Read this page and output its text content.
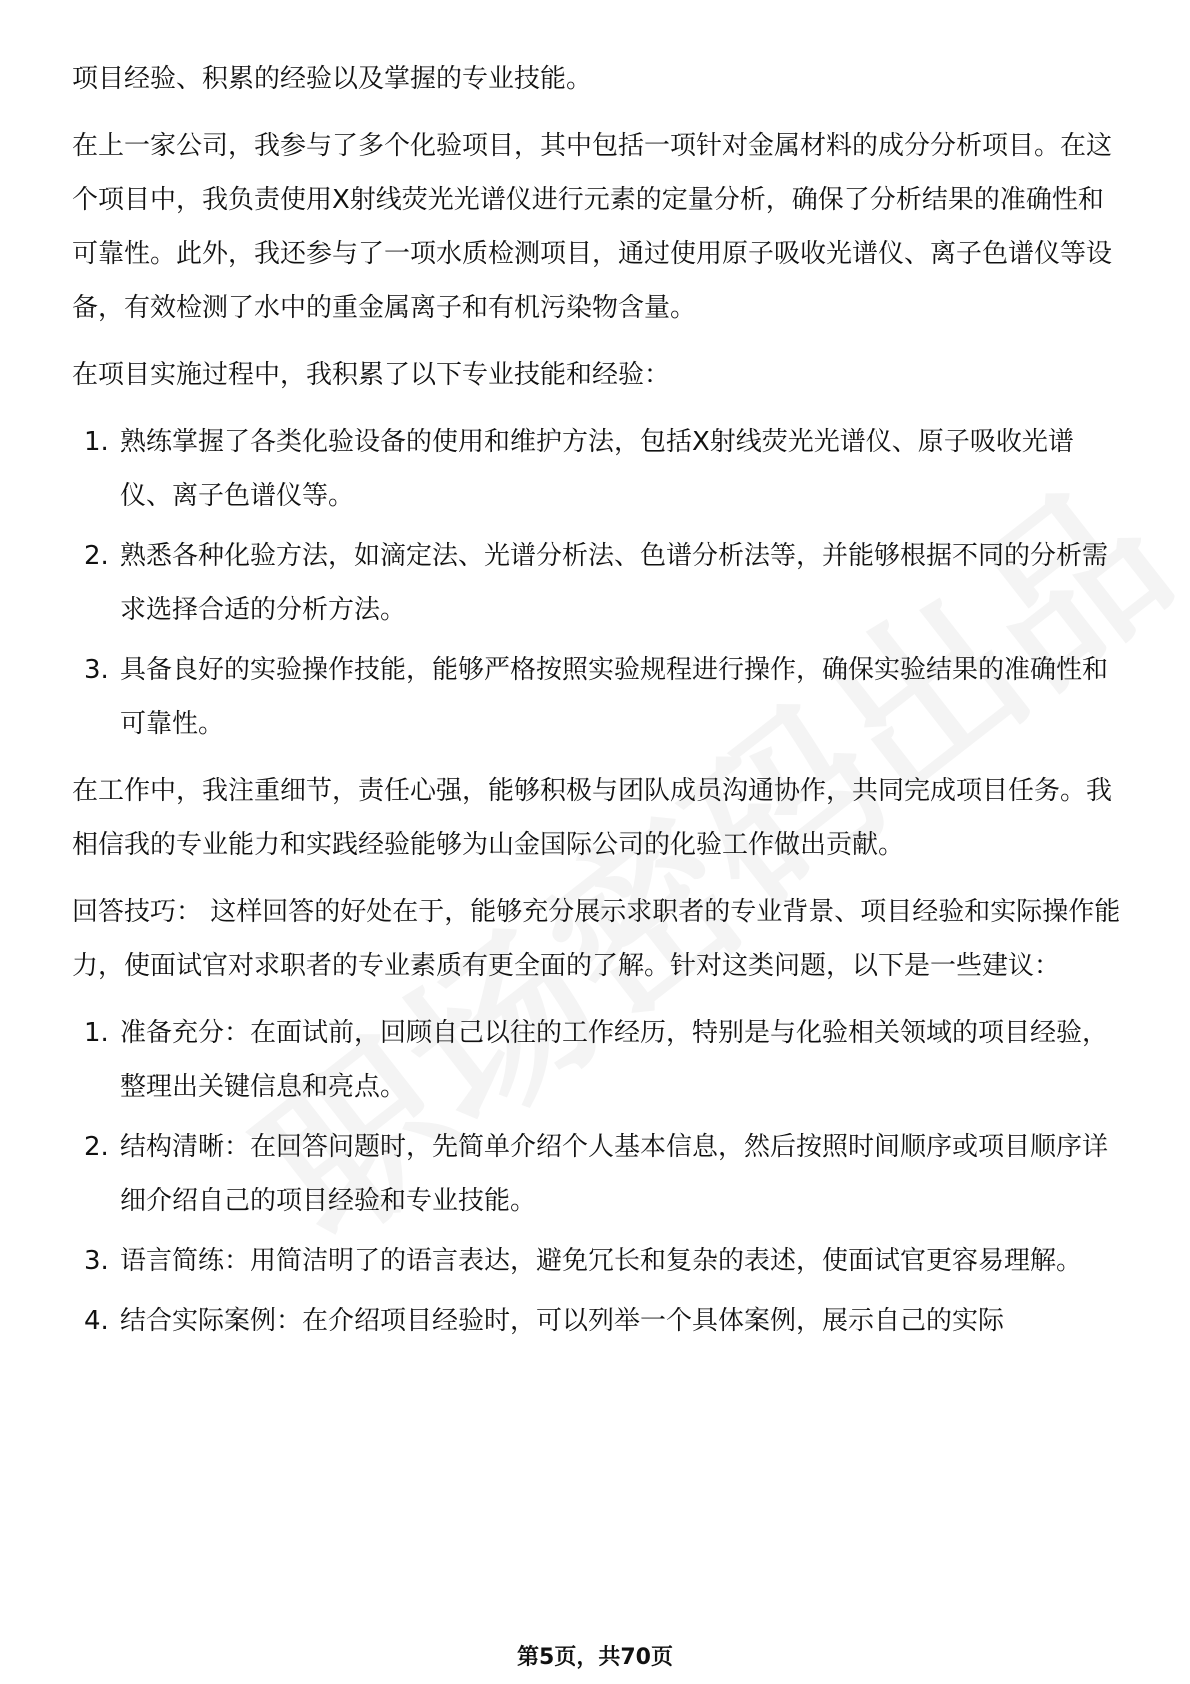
项目经验、积累的经验以及掌握的专业技能。

在上一家公司，我参与了多个化验项目，其中包括一项针对金属材料的成分分析项目。在这个项目中，我负责使用X射线荧光光谱仪进行元素的定量分析，确保了分析结果的准确性和可靠性。此外，我还参与了一项水质检测项目，通过使用原子吸收光谱仪、离子色谱仪等设备，有效检测了水中的重金属离子和有机污染物含量。

在项目实施过程中，我积累了以下专业技能和经验：

1. 熟练掌握了各类化验设备的使用和维护方法，包括X射线荧光光谱仪、原子吸收光谱仪、离子色谱仪等。
2. 熟悉各种化验方法，如滴定法、光谱分析法、色谱分析法等，并能够根据不同的分析需求选择合适的分析方法。
3. 具备良好的实验操作技能，能够严格按照实验规程进行操作，确保实验结果的准确性和可靠性。

在工作中，我注重细节，责任心强，能够积极与团队成员沟通协作，共同完成项目任务。我相信我的专业能力和实践经验能够为山金国际公司的化验工作做出贡献。

回答技巧： 这样回答的好处在于，能够充分展示求职者的专业背景、项目经验和实际操作能力，使面试官对求职者的专业素质有更全面的了解。针对这类问题，以下是一些建议：

1. 准备充分：在面试前，回顾自己以往的工作经历，特别是与化验相关领域的项目经验，整理出关键信息和亮点。
2. 结构清晰：在回答问题时，先简单介绍个人基本信息，然后按照时间顺序或项目顺序详细介绍自己的项目经验和专业技能。
3. 语言简练：用简洁明了的语言表达，避免冗长和复杂的表述，使面试官更容易理解。
4. 结合实际案例：在介绍项目经验时，可以列举一个具体案例，展示自己的实际
第5页，共70页
